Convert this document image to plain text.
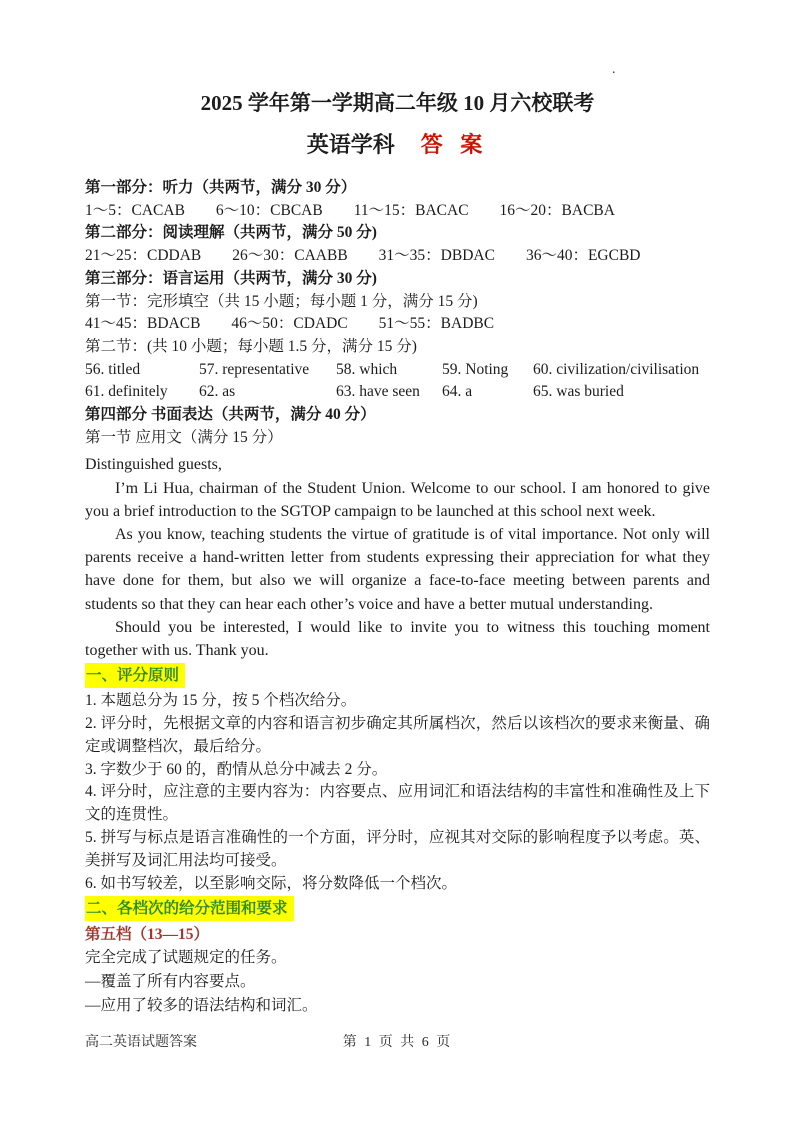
.
2025 学年第一学期高二年级 10 月六校联考
英语学科 答 案
第一部分：听力（共两节，满分 30 分）
1～5：CACAB 6～10：CBCAB 11～15：BACAC 16～20：BACBA
第二部分：阅读理解（共两节，满分 50 分)
21～25：CDDAB 26～30：CAABB 31～35：DBDAC 36～40：EGCBD
第三部分：语言运用（共两节，满分 30 分)
第一节：完形填空（共 15 小题；每小题 1 分，满分 15 分)
41～45：BDACB 46～50：CDADC 51～55：BADBC
第二节：(共 10 小题；每小题 1.5 分，满分 15 分)
56. titled	57. representative	58. which	59. Noting	60. civilization/civilisation
61. definitely	62. as	63. have seen	64. a	65. was buried
第四部分 书面表达（共两节，满分 40 分）
第一节 应用文（满分 15 分）

Distinguished guests,

I’m Li Hua, chairman of the Student Union. Welcome to our school. I am honored to give you a brief introduction to the SGTOP campaign to be launched at this school next week.

As you know, teaching students the virtue of gratitude is of vital importance. Not only will parents receive a hand-written letter from students expressing their appreciation for what they have done for them, but also we will organize a face-to-face meeting between parents and students so that they can hear each other’s voice and have a better mutual understanding.

Should you be interested, I would like to invite you to witness this touching moment together with us. Thank you.

一、评分原则

1. 本题总分为 15 分，按 5 个档次给分。

2. 评分时，先根据文章的内容和语言初步确定其所属档次，然后以该档次的要求来衡量、确定或调整档次，最后给分。

3. 字数少于 60 的，酌情从总分中减去 2 分。

4. 评分时，应注意的主要内容为：内容要点、应用词汇和语法结构的丰富性和准确性及上下文的连贯性。

5. 拼写与标点是语言准确性的一个方面，评分时，应视其对交际的影响程度予以考虑。英、美拼写及词汇用法均可接受。

6. 如书写较差，以至影响交际，将分数降低一个档次。

二、各档次的给分范围和要求

第五档（13—15）

完全完成了试题规定的任务。

—覆盖了所有内容要点。

—应用了较多的语法结构和词汇。

高二英语试题答案	第 1 页 共 6 页
